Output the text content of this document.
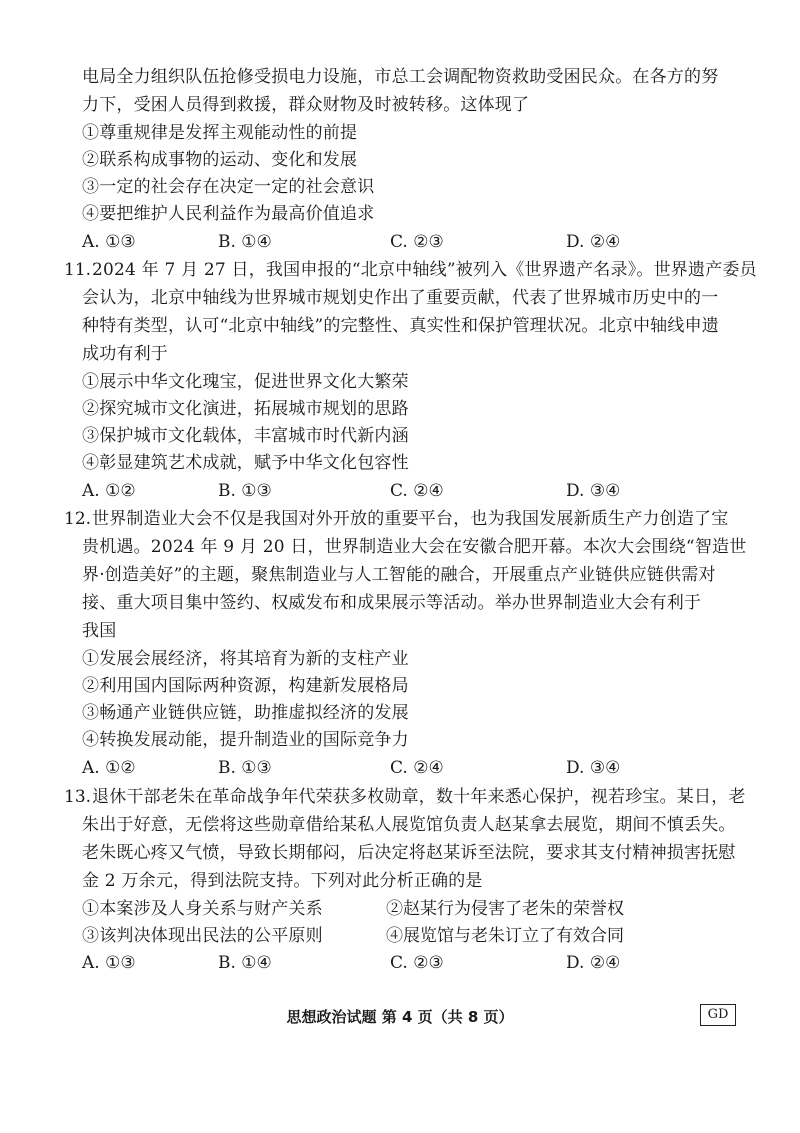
电局全力组织队伍抢修受损电力设施，市总工会调配物资救助受困民众。在各方的努
力下，受困人员得到救援，群众财物及时被转移。这体现了
①尊重规律是发挥主观能动性的前提
②联系构成事物的运动、变化和发展
③一定的社会存在决定一定的社会意识
④要把维护人民利益作为最高价值追求
A. ①③	B. ①④	C. ②③	D. ②④
11. 2024 年 7 月 27 日，我国申报的“北京中轴线”被列入《世界遗产名录》。世界遗产委员
会认为，北京中轴线为世界城市规划史作出了重要贡献，代表了世界城市历史中的一
种特有类型，认可“北京中轴线”的完整性、真实性和保护管理状况。北京中轴线申遗
成功有利于
①展示中华文化瑰宝，促进世界文化大繁荣
②探究城市文化演进，拓展城市规划的思路
③保护城市文化载体，丰富城市时代新内涵
④彰显建筑艺术成就，赋予中华文化包容性
A. ①②	B. ①③	C. ②④	D. ③④
12. 世界制造业大会不仅是我国对外开放的重要平台，也为我国发展新质生产力创造了宝
贵机遇。2024 年 9 月 20 日，世界制造业大会在安徽合肥开幕。本次大会围绕“智造世
界·创造美好”的主题，聚焦制造业与人工智能的融合，开展重点产业链供应链供需对
接、重大项目集中签约、权威发布和成果展示等活动。举办世界制造业大会有利于
我国
①发展会展经济，将其培育为新的支柱产业
②利用国内国际两种资源，构建新发展格局
③畅通产业链供应链，助推虚拟经济的发展
④转换发展动能，提升制造业的国际竞争力
A. ①②	B. ①③	C. ②④	D. ③④
13. 退休干部老朱在革命战争年代荣获多枚勋章，数十年来悉心保护，视若珍宝。某日，老
朱出于好意，无偿将这些勋章借给某私人展览馆负责人赵某拿去展览，期间不慎丢失。
老朱既心疼又气愤，导致长期郁闷，后决定将赵某诉至法院，要求其支付精神损害抚慰
金 2 万余元，得到法院支持。下列对此分析正确的是
①本案涉及人身关系与财产关系	②赵某行为侵害了老朱的荣誉权
③该判决体现出民法的公平原则	④展览馆与老朱订立了有效合同
A. ①③	B. ①④	C. ②③	D. ②④
思想政治试题 第 4 页（共 8 页）	GD
